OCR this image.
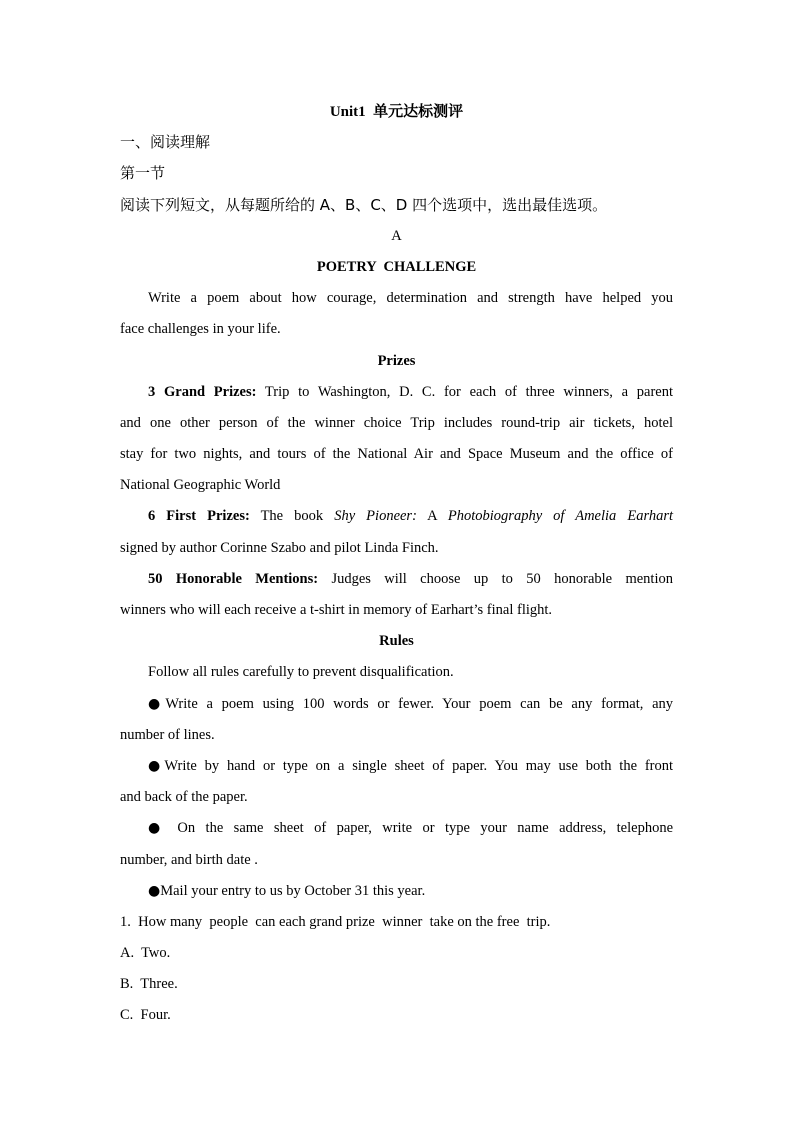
Unit1 单元达标测评
一、阅读理解
第一节
阅读下列短文，从每题所给的 A、B、C、D 四个选项中，选出最佳选项。
A
POETRY  CHALLENGE
Write a poem about how courage, determination and strength have helped you
face challenges in your life.
Prizes
3 Grand Prizes: Trip to Washington, D. C. for each of three winners, a parent
and one other person of the winner choice Trip includes round-trip air tickets, hotel
stay for two nights, and tours of the National Air and Space Museum and the office of
National Geographic World
6 First Prizes: The book Shy Pioneer: A Photobiography of Amelia Earhart
signed by author Corinne Szabo and pilot Linda Finch.
50 Honorable Mentions: Judges will choose up to 50 honorable mention
winners who will each receive a t-shirt in memory of Earhart’s final flight.
Rules
Follow all rules carefully to prevent disqualification.
●Write a poem using 100 words or fewer. Your poem can be any format, any
number of lines.
●Write by hand or type on a single sheet of paper. You may use both the front
and back of the paper.
● On the same sheet of paper, write or type your name address, telephone
number, and birth date .
●Mail your entry to us by October 31 this year.
1.  How many  people  can each grand prize  winner  take on the free  trip.
A.  Two.
B.  Three.
C.  Four.
